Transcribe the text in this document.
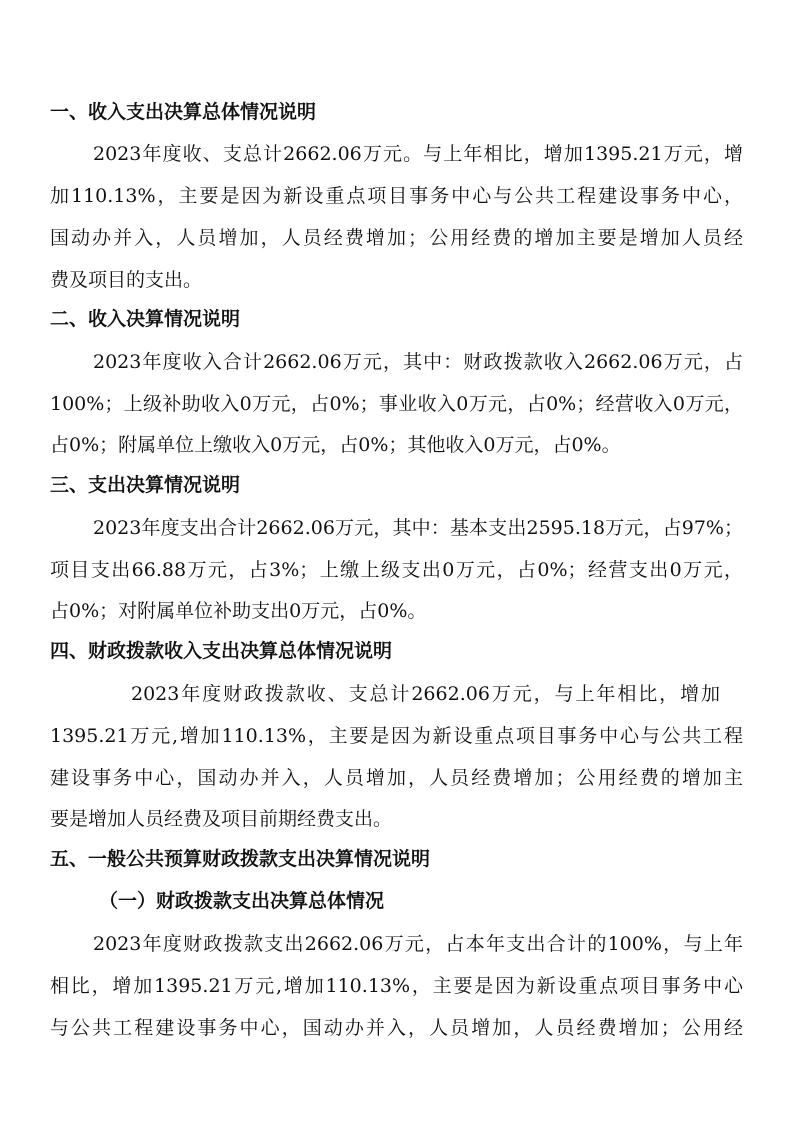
一、收入支出决算总体情况说明
2023年度收、支总计2662.06万元。与上年相比，增加1395.21万元，增
加110.13%，主要是因为新设重点项目事务中心与公共工程建设事务中心，
国动办并入，人员增加，人员经费增加；公用经费的增加主要是增加人员经
费及项目的支出。
二、收入决算情况说明
2023年度收入合计2662.06万元，其中：财政拨款收入2662.06万元，占
100%；上级补助收入0万元，占0%；事业收入0万元，占0%；经营收入0万元，
占0%；附属单位上缴收入0万元，占0%；其他收入0万元，占0%。
三、支出决算情况说明
2023年度支出合计2662.06万元，其中：基本支出2595.18万元，占97%；
项目支出66.88万元，占3%；上缴上级支出0万元，占0%；经营支出0万元，
占0%；对附属单位补助支出0万元，占0%。
四、财政拨款收入支出决算总体情况说明
2023年度财政拨款收、支总计2662.06万元，与上年相比，增加
1395.21万元,增加110.13%，主要是因为新设重点项目事务中心与公共工程
建设事务中心，国动办并入，人员增加，人员经费增加；公用经费的增加主
要是增加人员经费及项目前期经费支出。
五、一般公共预算财政拨款支出决算情况说明
（一）财政拨款支出决算总体情况
2023年度财政拨款支出2662.06万元，占本年支出合计的100%，与上年
相比，增加1395.21万元,增加110.13%，主要是因为新设重点项目事务中心
与公共工程建设事务中心，国动办并入，人员增加，人员经费增加；公用经
